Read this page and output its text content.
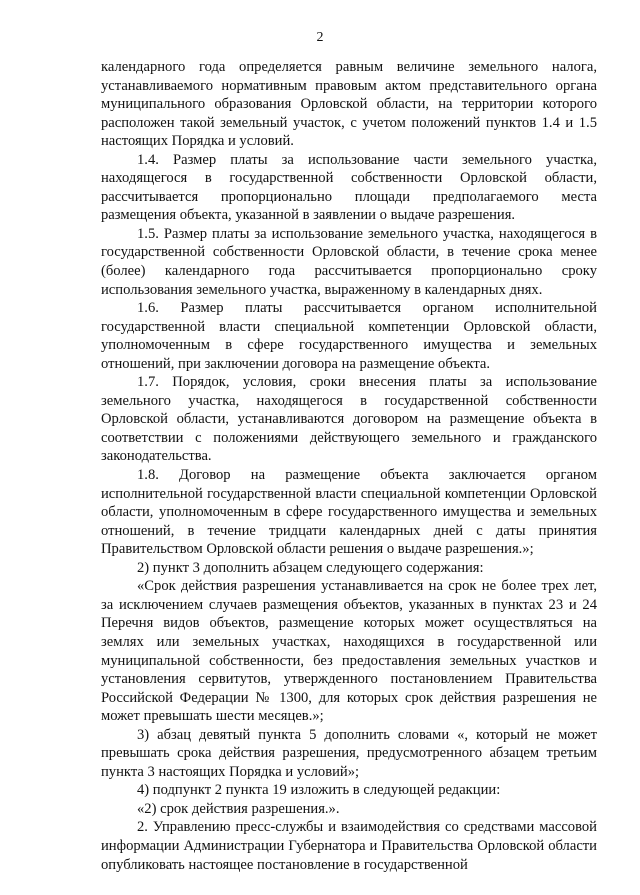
2

календарного года определяется равным величине земельного налога, устанавливаемого нормативным правовым актом представительного органа муниципального образования Орловской области, на территории которого расположен такой земельный участок, с учетом положений пунктов 1.4 и 1.5 настоящих Порядка и условий.

1.4. Размер платы за использование части земельного участка, находящегося в государственной собственности Орловской области, рассчитывается пропорционально площади предполагаемого места размещения объекта, указанной в заявлении о выдаче разрешения.

1.5. Размер платы за использование земельного участка, находящегося в государственной собственности Орловской области, в течение срока менее (более) календарного года рассчитывается пропорционально сроку использования земельного участка, выраженному в календарных днях.

1.6. Размер платы рассчитывается органом исполнительной государственной власти специальной компетенции Орловской области, уполномоченным в сфере государственного имущества и земельных отношений, при заключении договора на размещение объекта.

1.7. Порядок, условия, сроки внесения платы за использование земельного участка, находящегося в государственной собственности Орловской области, устанавливаются договором на размещение объекта в соответствии с положениями действующего земельного и гражданского законодательства.

1.8. Договор на размещение объекта заключается органом исполнительной государственной власти специальной компетенции Орловской области, уполномоченным в сфере государственного имущества и земельных отношений, в течение тридцати календарных дней с даты принятия Правительством Орловской области решения о выдаче разрешения.»;

2) пункт 3 дополнить абзацем следующего содержания:

«Срок действия разрешения устанавливается на срок не более трех лет, за исключением случаев размещения объектов, указанных в пунктах 23 и 24 Перечня видов объектов, размещение которых может осуществляться на землях или земельных участках, находящихся в государственной или муниципальной собственности, без предоставления земельных участков и установления сервитутов, утвержденного постановлением Правительства Российской Федерации № 1300, для которых срок действия разрешения не может превышать шести месяцев.»;

3) абзац девятый пункта 5 дополнить словами «, который не может превышать срока действия разрешения, предусмотренного абзацем третьим пункта 3 настоящих Порядка и условий»;

4) подпункт 2 пункта 19 изложить в следующей редакции:

«2) срок действия разрешения.».

2. Управлению пресс-службы и взаимодействия со средствами массовой информации Администрации Губернатора и Правительства Орловской области опубликовать настоящее постановление в государственной
